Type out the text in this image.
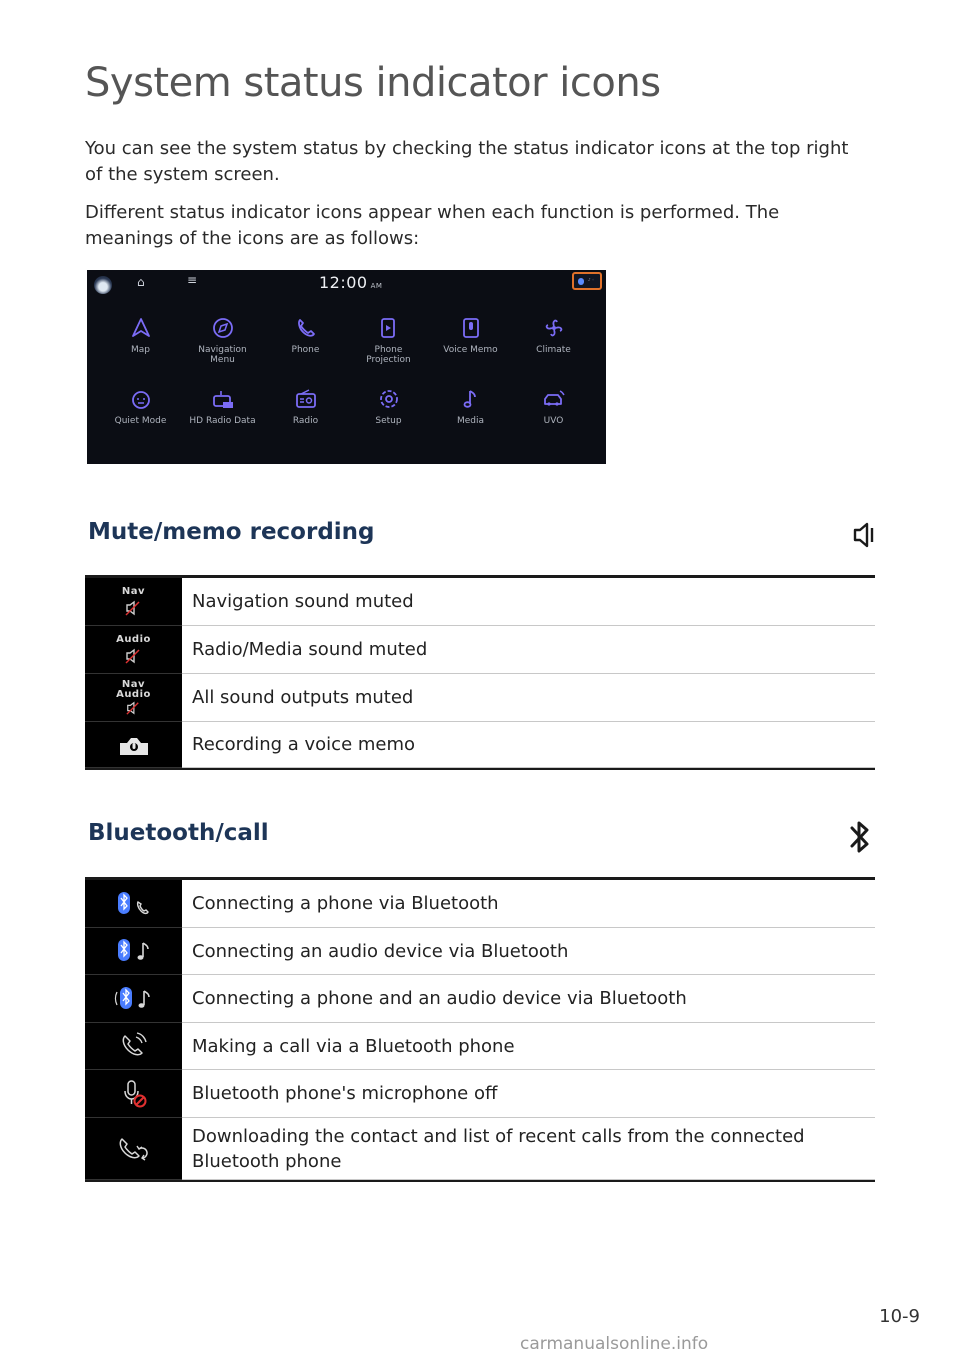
System status indicator icons

You can see the system status by checking the status indicator icons at the top right of the system screen.

Different status indicator icons appear when each function is performed. The meanings of the icons are as follows:

⌂	≡	12:00 AM
♪ ◦
Map	Navigation
Menu
Phone	Phone
Projection
Voice Memo	Climate
Quiet Mode	HD Radio Data	Radio	Setup	Media	UVO
Mute/memo recording
Nav	Navigation sound muted
Audio	Radio/Media sound muted
Nav
Audio	All sound outputs muted
Recording a voice memo
Bluetooth/call
Connecting a phone via Bluetooth
Connecting an audio device via Bluetooth
Connecting a phone and an audio device via Bluetooth
Making a call via a Bluetooth phone
Bluetooth phone's microphone off
Downloading the contact and list of recent calls from the connected Bluetooth phone
10-9
carmanualsonline.info
